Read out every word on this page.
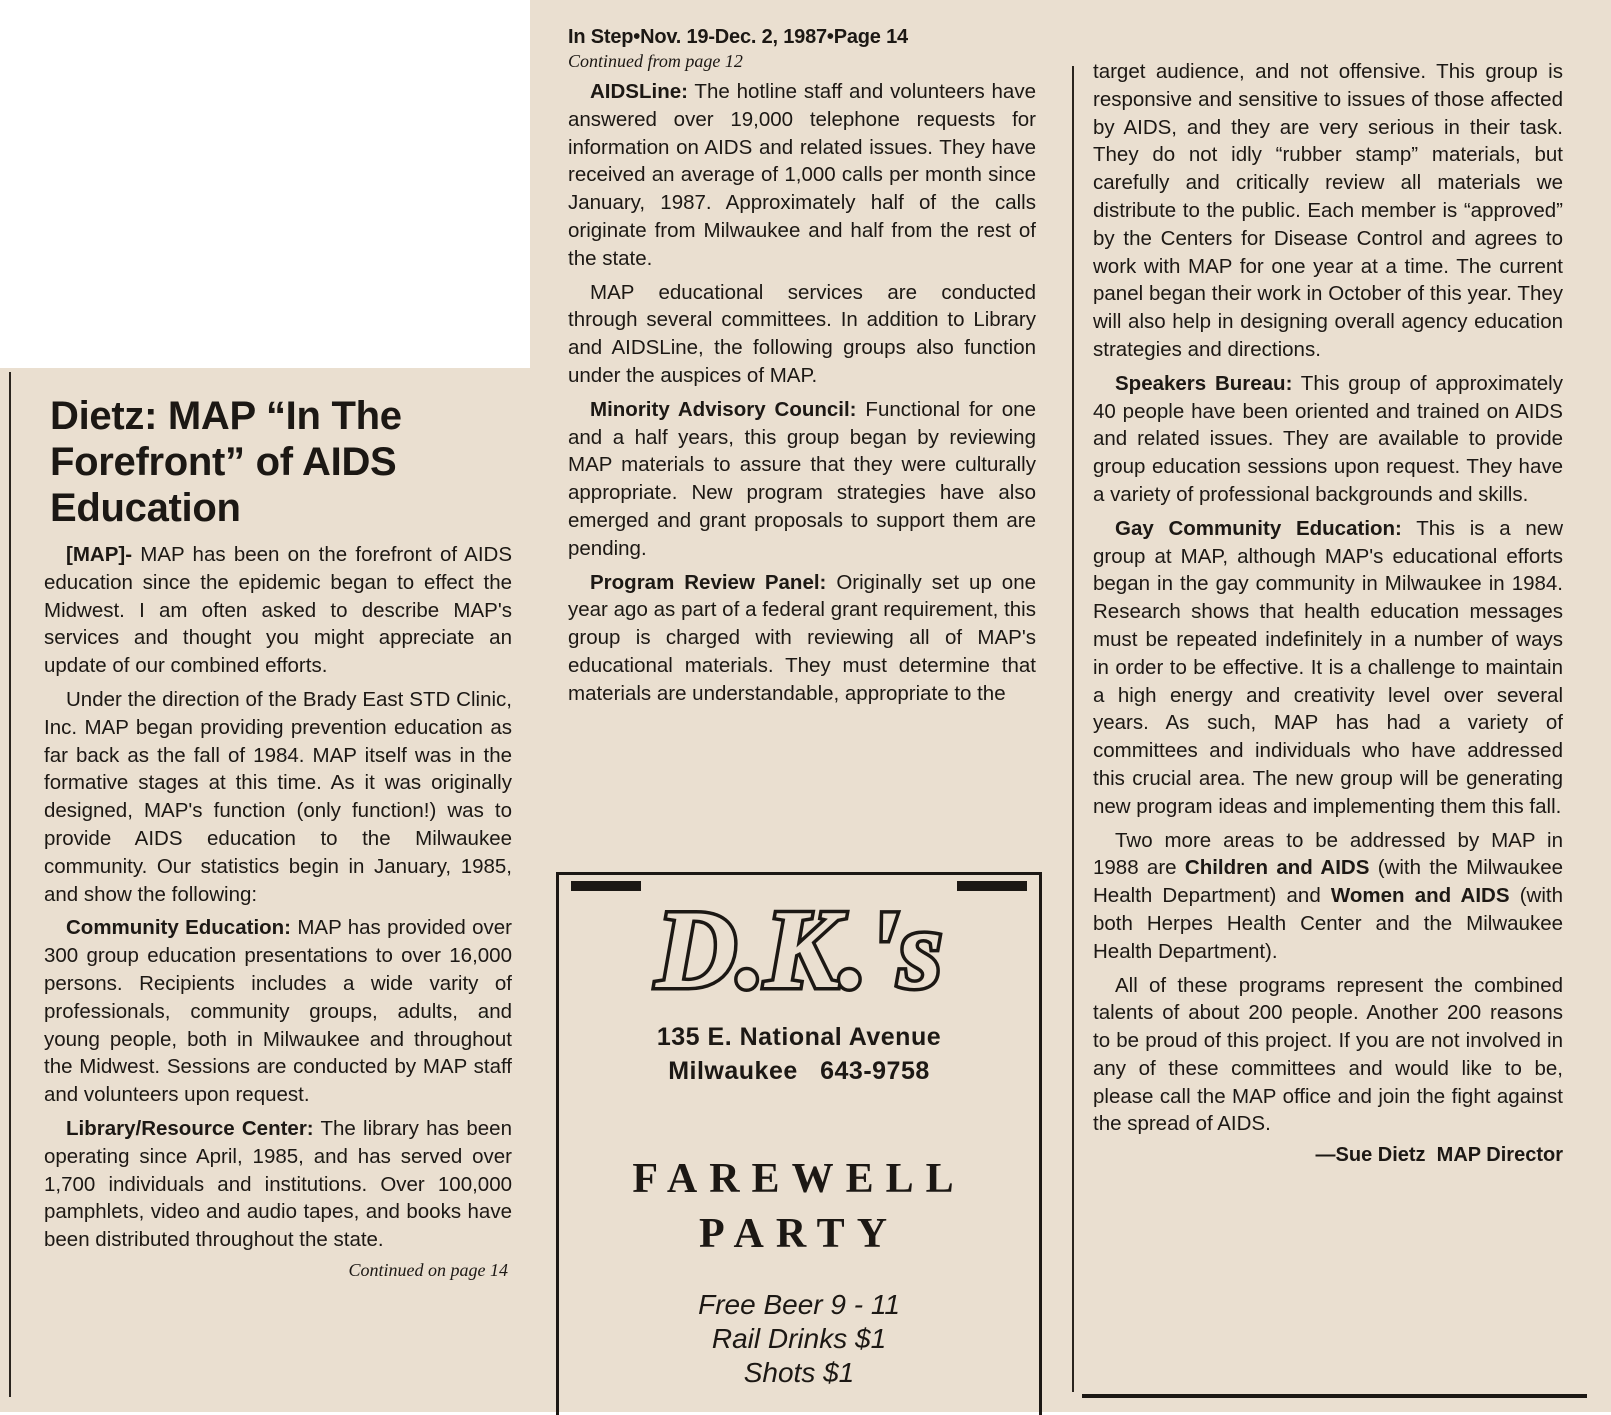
Dietz: MAP “In The Forefront” of AIDS Education

[MAP]- MAP has been on the forefront of AIDS education since the epidemic began to effect the Midwest. I am often asked to describe MAP's services and thought you might appreciate an update of our combined efforts.

Under the direction of the Brady East STD Clinic, Inc. MAP began providing prevention education as far back as the fall of 1984. MAP itself was in the formative stages at this time. As it was originally designed, MAP's function (only function!) was to provide AIDS education to the Milwaukee community. Our statistics begin in January, 1985, and show the following:

Community Education: MAP has provided over 300 group education presentations to over 16,000 persons. Recipients includes a wide varity of professionals, community groups, adults, and young people, both in Milwaukee and throughout the Midwest. Sessions are conducted by MAP staff and volunteers upon request.

Library/Resource Center: The library has been operating since April, 1985, and has served over 1,700 individuals and institutions. Over 100,000 pamphlets, video and audio tapes, and books have been distributed throughout the state.

Continued on page 14
In Step•Nov. 19-Dec. 2, 1987•Page 14
Continued from page 12

AIDSLine: The hotline staff and volunteers have answered over 19,000 telephone requests for information on AIDS and related issues. They have received an average of 1,000 calls per month since January, 1987. Approximately half of the calls originate from Milwaukee and half from the rest of the state.

MAP educational services are conducted through several committees. In addition to Library and AIDSLine, the following groups also function under the auspices of MAP.

Minority Advisory Council: Functional for one and a half years, this group began by reviewing MAP materials to assure that they were culturally appropriate. New program strategies have also emerged and grant proposals to support them are pending.

Program Review Panel: Originally set up one year ago as part of a federal grant requirement, this group is charged with reviewing all of MAP's educational materials. They must determine that materials are understandable, appropriate to the

D.K.'s
135 E. National Avenue
Milwaukee   643-9758
FAREWELL
PARTY
Free Beer 9 - 11
Rail Drinks $1
Shots $1

target audience, and not offensive. This group is responsive and sensitive to issues of those affected by AIDS, and they are very serious in their task. They do not idly “rubber stamp” materials, but carefully and critically review all materials we distribute to the public. Each member is “approved” by the Centers for Disease Control and agrees to work with MAP for one year at a time. The current panel began their work in October of this year. They will also help in designing overall agency education strategies and directions.

Speakers Bureau: This group of approximately 40 people have been oriented and trained on AIDS and related issues. They are available to provide group education sessions upon request. They have a variety of professional backgrounds and skills.

Gay Community Education: This is a new group at MAP, although MAP's educational efforts began in the gay community in Milwaukee in 1984. Research shows that health education messages must be repeated indefinitely in a number of ways in order to be effective. It is a challenge to maintain a high energy and creativity level over several years. As such, MAP has had a variety of committees and individuals who have addressed this crucial area. The new group will be generating new program ideas and implementing them this fall.

Two more areas to be addressed by MAP in 1988 are Children and AIDS (with the Milwaukee Health Department) and Women and AIDS (with both Herpes Health Center and the Milwaukee Health Department).

All of these programs represent the combined talents of about 200 people. Another 200 reasons to be proud of this project. If you are not involved in any of these committees and would like to be, please call the MAP office and join the fight against the spread of AIDS.

—Sue Dietz  MAP Director
